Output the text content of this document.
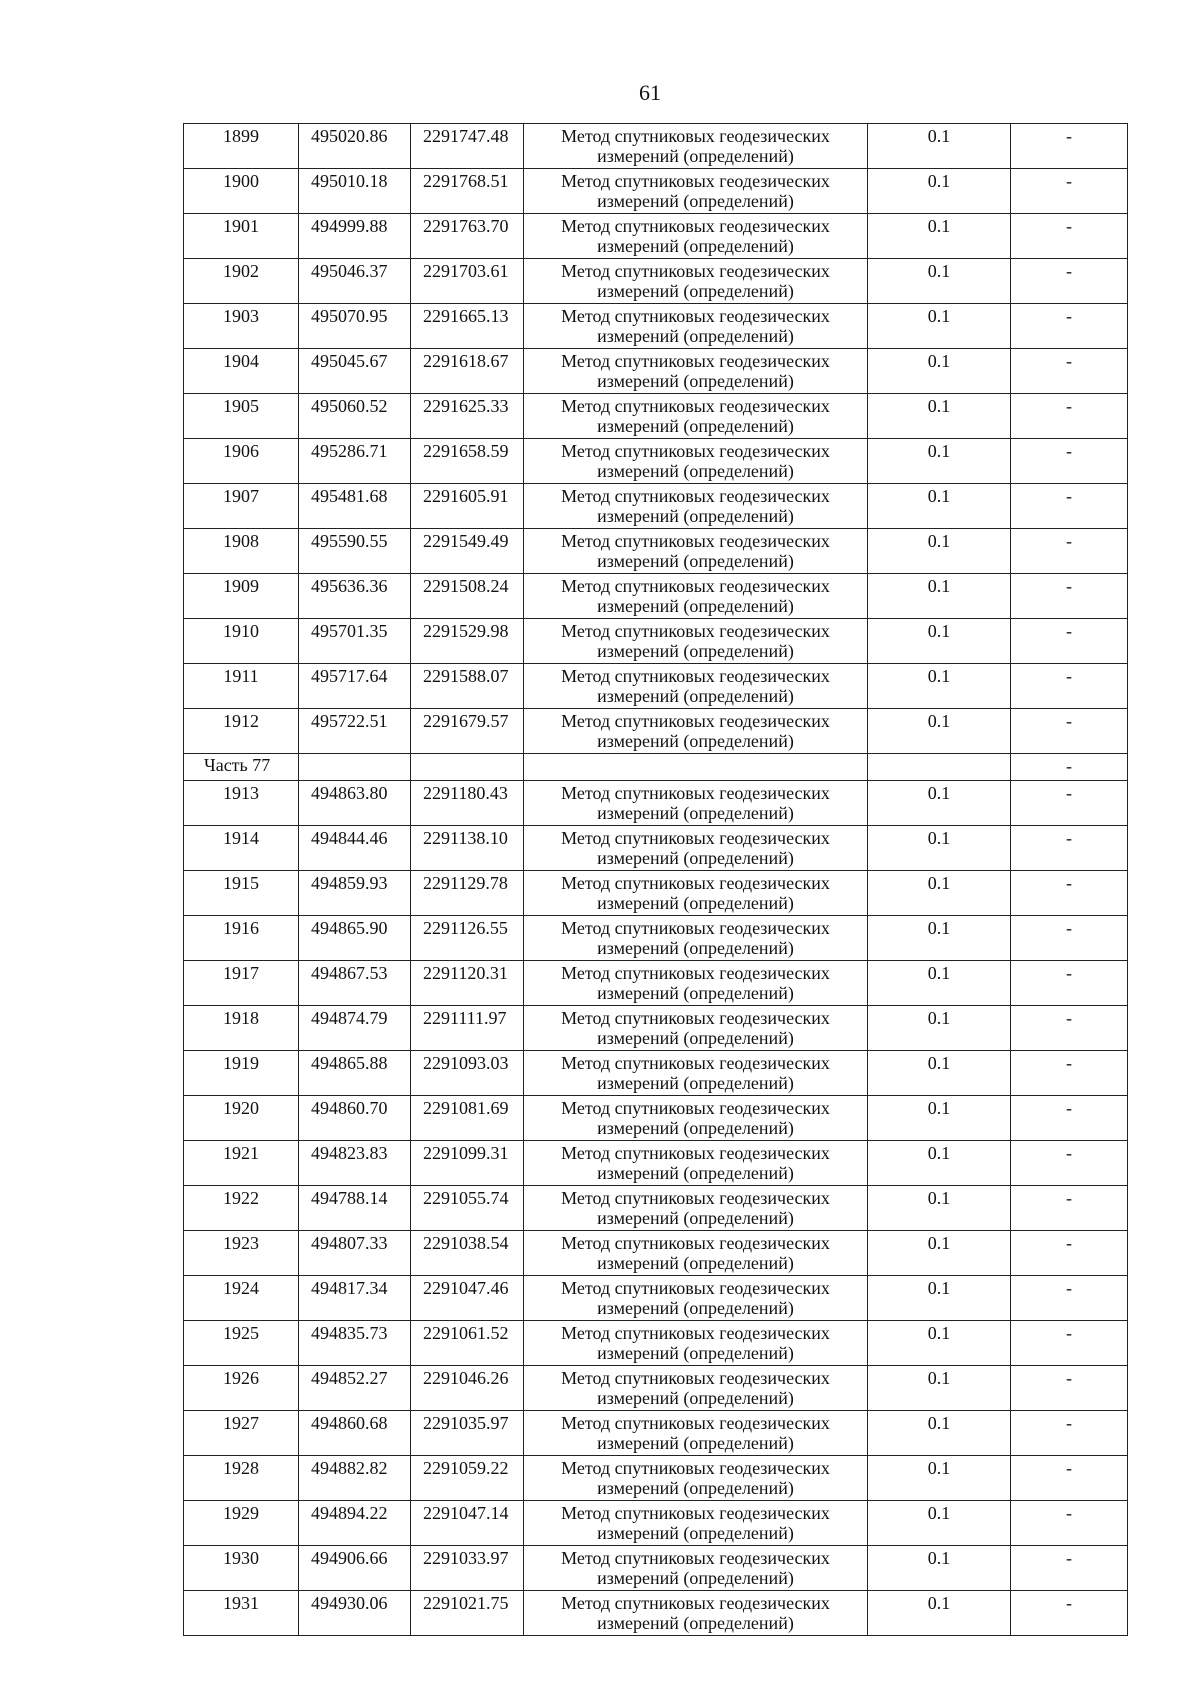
61
1899	495020.86	2291747.48	Метод спутниковых геодезических измерений (определений)	0.1	-
1900	495010.18	2291768.51	Метод спутниковых геодезических измерений (определений)	0.1	-
1901	494999.88	2291763.70	Метод спутниковых геодезических измерений (определений)	0.1	-
1902	495046.37	2291703.61	Метод спутниковых геодезических измерений (определений)	0.1	-
1903	495070.95	2291665.13	Метод спутниковых геодезических измерений (определений)	0.1	-
1904	495045.67	2291618.67	Метод спутниковых геодезических измерений (определений)	0.1	-
1905	495060.52	2291625.33	Метод спутниковых геодезических измерений (определений)	0.1	-
1906	495286.71	2291658.59	Метод спутниковых геодезических измерений (определений)	0.1	-
1907	495481.68	2291605.91	Метод спутниковых геодезических измерений (определений)	0.1	-
1908	495590.55	2291549.49	Метод спутниковых геодезических измерений (определений)	0.1	-
1909	495636.36	2291508.24	Метод спутниковых геодезических измерений (определений)	0.1	-
1910	495701.35	2291529.98	Метод спутниковых геодезических измерений (определений)	0.1	-
1911	495717.64	2291588.07	Метод спутниковых геодезических измерений (определений)	0.1	-
1912	495722.51	2291679.57	Метод спутниковых геодезических измерений (определений)	0.1	-
Часть 77					-
1913	494863.80	2291180.43	Метод спутниковых геодезических измерений (определений)	0.1	-
1914	494844.46	2291138.10	Метод спутниковых геодезических измерений (определений)	0.1	-
1915	494859.93	2291129.78	Метод спутниковых геодезических измерений (определений)	0.1	-
1916	494865.90	2291126.55	Метод спутниковых геодезических измерений (определений)	0.1	-
1917	494867.53	2291120.31	Метод спутниковых геодезических измерений (определений)	0.1	-
1918	494874.79	2291111.97	Метод спутниковых геодезических измерений (определений)	0.1	-
1919	494865.88	2291093.03	Метод спутниковых геодезических измерений (определений)	0.1	-
1920	494860.70	2291081.69	Метод спутниковых геодезических измерений (определений)	0.1	-
1921	494823.83	2291099.31	Метод спутниковых геодезических измерений (определений)	0.1	-
1922	494788.14	2291055.74	Метод спутниковых геодезических измерений (определений)	0.1	-
1923	494807.33	2291038.54	Метод спутниковых геодезических измерений (определений)	0.1	-
1924	494817.34	2291047.46	Метод спутниковых геодезических измерений (определений)	0.1	-
1925	494835.73	2291061.52	Метод спутниковых геодезических измерений (определений)	0.1	-
1926	494852.27	2291046.26	Метод спутниковых геодезических измерений (определений)	0.1	-
1927	494860.68	2291035.97	Метод спутниковых геодезических измерений (определений)	0.1	-
1928	494882.82	2291059.22	Метод спутниковых геодезических измерений (определений)	0.1	-
1929	494894.22	2291047.14	Метод спутниковых геодезических измерений (определений)	0.1	-
1930	494906.66	2291033.97	Метод спутниковых геодезических измерений (определений)	0.1	-
1931	494930.06	2291021.75	Метод спутниковых геодезических измерений (определений)	0.1	-
